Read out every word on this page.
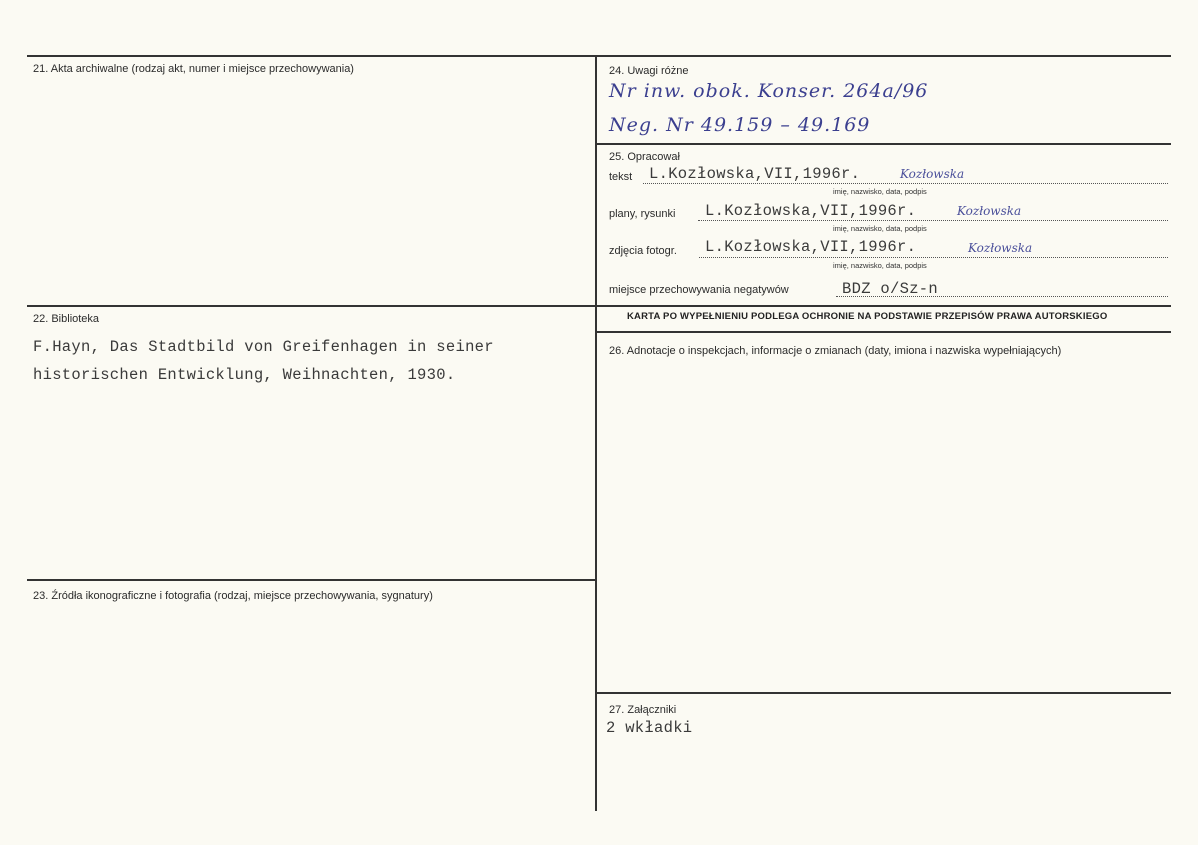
21. Akta archiwalne (rodzaj akt, numer i miejsce przechowywania)
22. Biblioteka
F.Hayn, Das Stadtbild von Greifenhagen in seiner
historischen Entwicklung, Weihnachten, 1930.
23. Źródła ikonograficzne i fotografia (rodzaj, miejsce przechowywania, sygnatury)
24. Uwagi różne
Nr inw. obok. Konser. 264a/96
Neg. Nr 49.159 – 49.169
25. Opracował
tekst L.Kozłowska,VII,1996r.	Kozłowska
imię, nazwisko, data, podpis
plany, rysunki L.Kozłowska,VII,1996r.	Kozłowska
imię, nazwisko, data, podpis
zdjęcia fotogr. L.Kozłowska,VII,1996r.	Kozłowska
imię, nazwisko, data, podpis
miejsce przechowywania negatywów	BDZ o/Sz-n
KARTA PO WYPEŁNIENIU PODLEGA OCHRONIE NA PODSTAWIE PRZEPISÓW PRAWA AUTORSKIEGO
26. Adnotacje o inspekcjach, informacje o zmianach (daty, imiona i nazwiska wypełniających)
27. Załączniki
2 wkładki
